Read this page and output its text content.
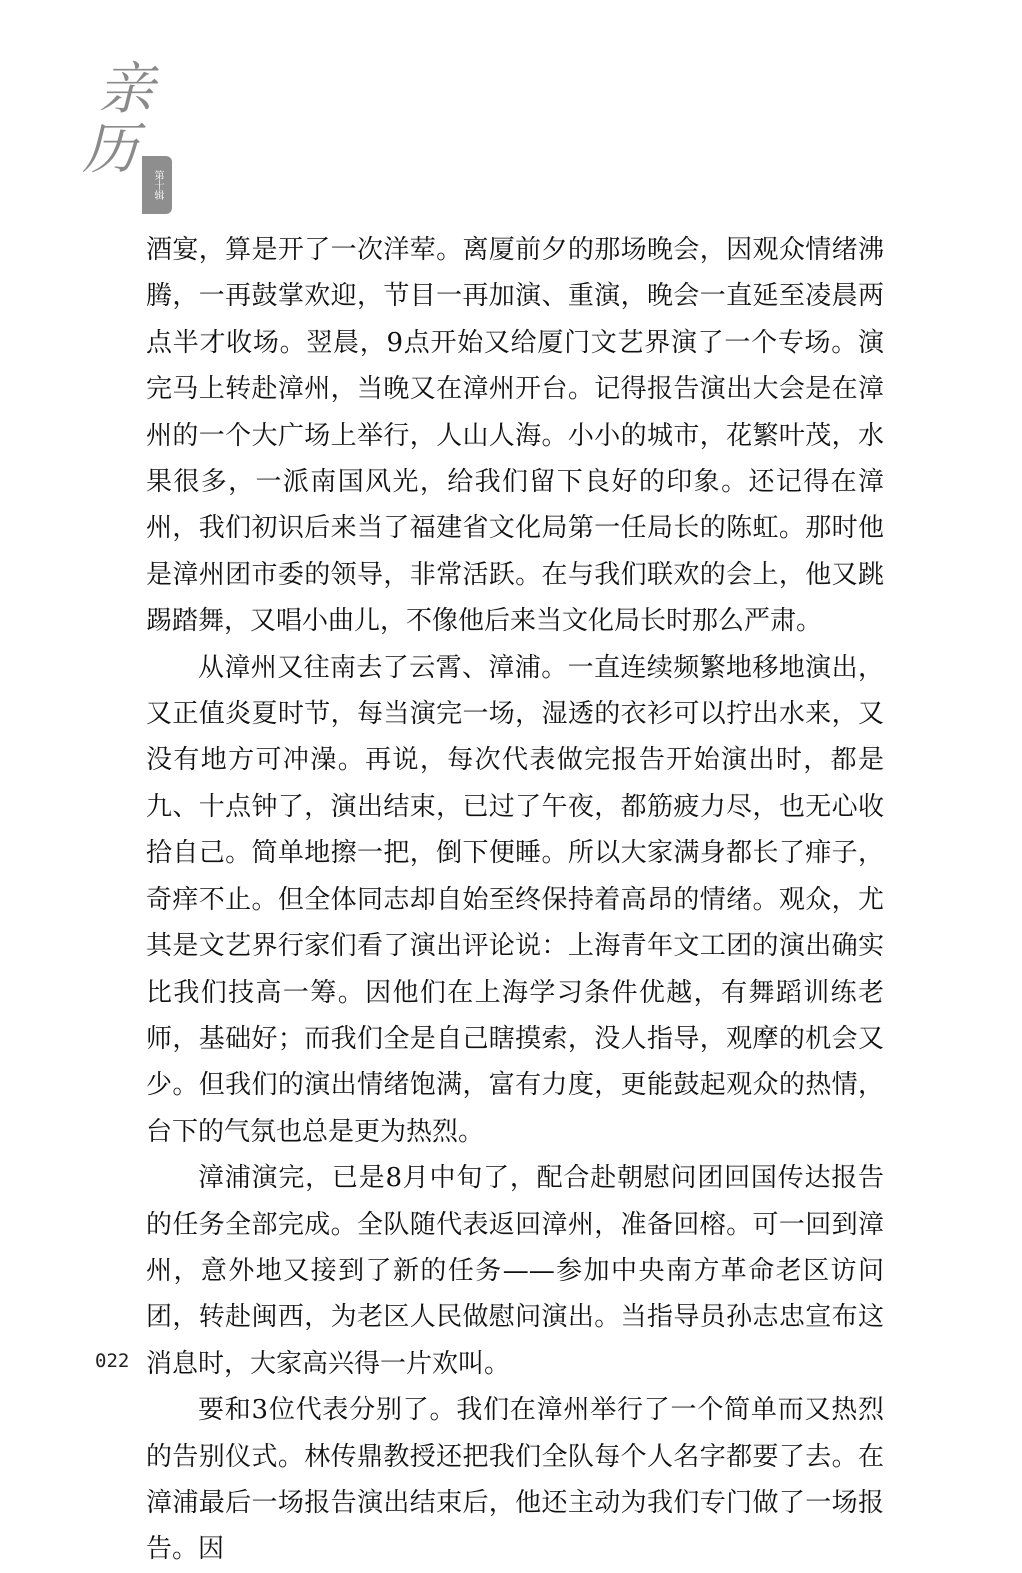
亲
历
第十辑

酒宴，算是开了一次洋荤。离厦前夕的那场晚会，因观众情绪沸腾，一再鼓掌欢迎，节目一再加演、重演，晚会一直延至凌晨两点半才收场。翌晨，9点开始又给厦门文艺界演了一个专场。演完马上转赴漳州，当晚又在漳州开台。记得报告演出大会是在漳州的一个大广场上举行，人山人海。小小的城市，花繁叶茂，水果很多，一派南国风光，给我们留下良好的印象。还记得在漳州，我们初识后来当了福建省文化局第一任局长的陈虹。那时他是漳州团市委的领导，非常活跃。在与我们联欢的会上，他又跳踢踏舞，又唱小曲儿，不像他后来当文化局长时那么严肃。

从漳州又往南去了云霄、漳浦。一直连续频繁地移地演出，又正值炎夏时节，每当演完一场，湿透的衣衫可以拧出水来，又没有地方可冲澡。再说，每次代表做完报告开始演出时，都是九、十点钟了，演出结束，已过了午夜，都筋疲力尽，也无心收拾自己。简单地擦一把，倒下便睡。所以大家满身都长了痱子，奇痒不止。但全体同志却自始至终保持着高昂的情绪。观众，尤其是文艺界行家们看了演出评论说：上海青年文工团的演出确实比我们技高一筹。因他们在上海学习条件优越，有舞蹈训练老师，基础好；而我们全是自己瞎摸索，没人指导，观摩的机会又少。但我们的演出情绪饱满，富有力度，更能鼓起观众的热情，台下的气氛也总是更为热烈。

漳浦演完，已是8月中旬了，配合赴朝慰问团回国传达报告的任务全部完成。全队随代表返回漳州，准备回榕。可一回到漳州，意外地又接到了新的任务——参加中央南方革命老区访问团，转赴闽西，为老区人民做慰问演出。当指导员孙志忠宣布这消息时，大家高兴得一片欢叫。

要和3位代表分别了。我们在漳州举行了一个简单而又热烈的告别仪式。林传鼎教授还把我们全队每个人名字都要了去。在漳浦最后一场报告演出结束后，他还主动为我们专门做了一场报告。因

022
